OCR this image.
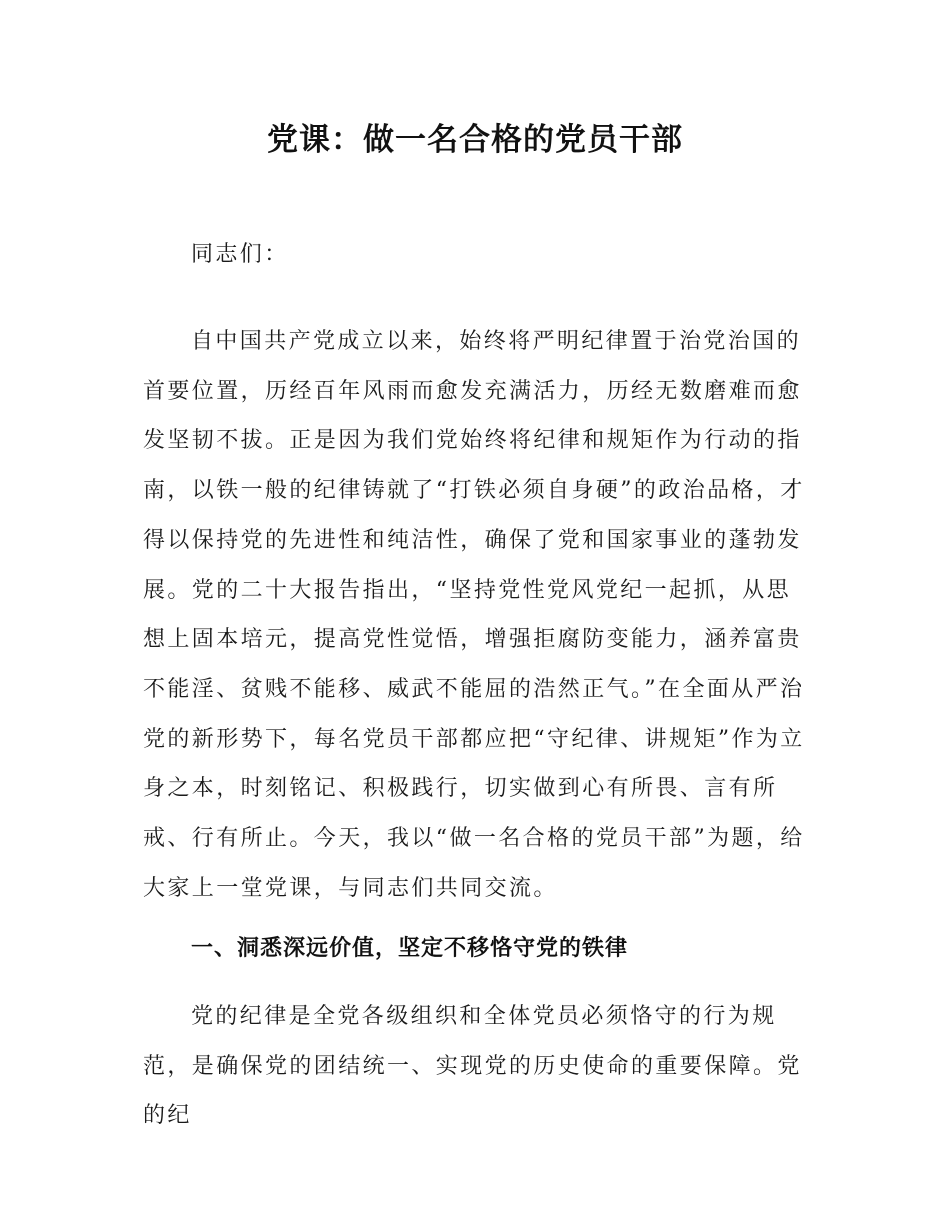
党课：做一名合格的党员干部

同志们：

自中国共产党成立以来，始终将严明纪律置于治党治国的首要位置，历经百年风雨而愈发充满活力，历经无数磨难而愈发坚韧不拔。正是因为我们党始终将纪律和规矩作为行动的指南，以铁一般的纪律铸就了“打铁必须自身硬”的政治品格，才得以保持党的先进性和纯洁性，确保了党和国家事业的蓬勃发展。党的二十大报告指出，“坚持党性党风党纪一起抓，从思想上固本培元，提高党性觉悟，增强拒腐防变能力，涵养富贵不能淫、贫贱不能移、威武不能屈的浩然正气。”在全面从严治党的新形势下，每名党员干部都应把“守纪律、讲规矩”作为立身之本，时刻铭记、积极践行，切实做到心有所畏、言有所戒、行有所止。今天，我以“做一名合格的党员干部”为题，给大家上一堂党课，与同志们共同交流。

一、洞悉深远价值，坚定不移恪守党的铁律

党的纪律是全党各级组织和全体党员必须恪守的行为规范，是确保党的团结统一、实现党的历史使命的重要保障。党的纪
